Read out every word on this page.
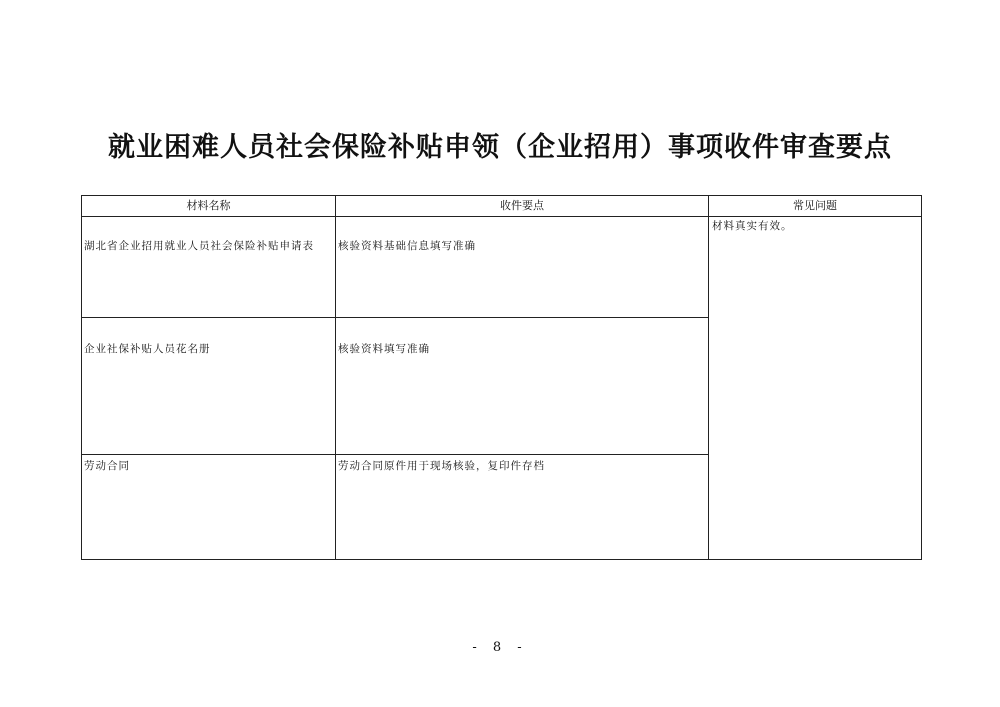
就业困难人员社会保险补贴申领（企业招用）事项收件审查要点
材料名称	收件要点	常见问题

湖北省企业招用就业人员社会保险补贴申请表	核验资料基础信息填写准确	材料真实有效。

企业社保补贴人员花名册	核验资料填写准确	

劳动合同	劳动合同原件用于现场核验，复印件存档	

- 8 -
